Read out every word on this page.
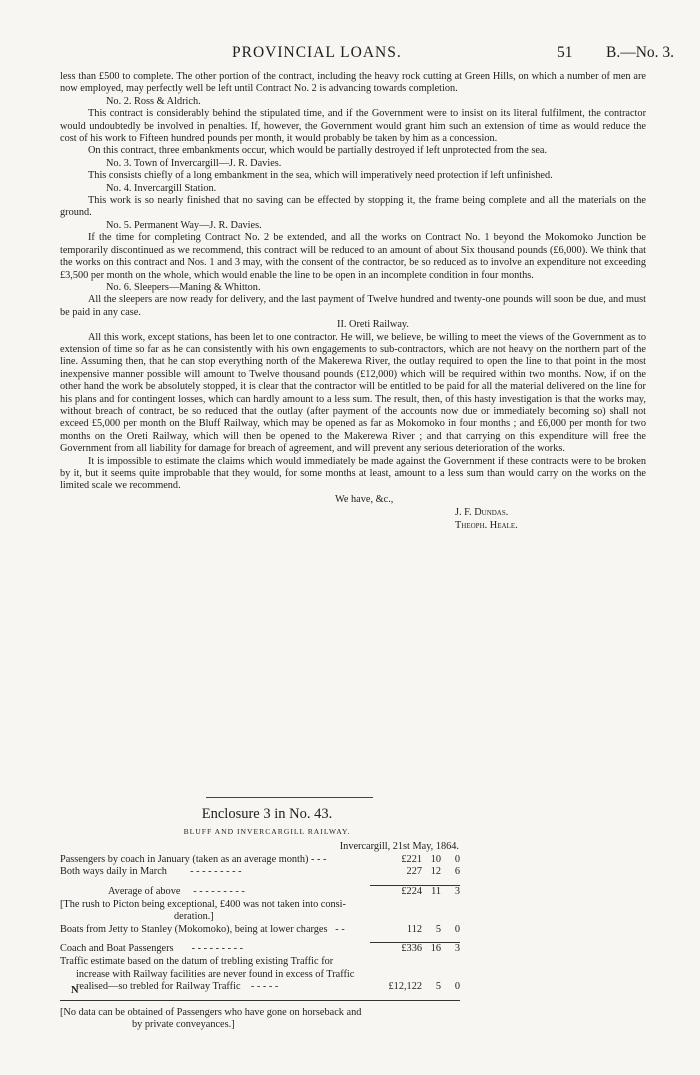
PROVINCIAL LOANS.	51 B.—No. 3.

less than £500 to complete. The other portion of the contract, including the heavy rock cutting at Green Hills, on which a number of men are now employed, may perfectly well be left until Contract No. 2 is advancing towards completion.

No. 2. Ross & Aldrich.

This contract is considerably behind the stipulated time, and if the Government were to insist on its literal fulfilment, the contractor would undoubtedly be involved in penalties. If, however, the Government would grant him such an extension of time as would reduce the cost of his work to Fifteen hundred pounds per month, it would probably be taken by him as a concession.

On this contract, three embankments occur, which would be partially destroyed if left unprotected from the sea.

No. 3. Town of Invercargill—J. R. Davies.

This consists chiefly of a long embankment in the sea, which will imperatively need protection if left unfinished.

No. 4. Invercargill Station.

This work is so nearly finished that no saving can be effected by stopping it, the frame being complete and all the materials on the ground.

No. 5. Permanent Way—J. R. Davies.

If the time for completing Contract No. 2 be extended, and all the works on Contract No. 1 beyond the Mokomoko Junction be temporarily discontinued as we recommend, this contract will be reduced to an amount of about Six thousand pounds (£6,000). We think that the works on this contract and Nos. 1 and 3 may, with the consent of the contractor, be so reduced as to involve an expenditure not exceeding £3,500 per month on the whole, which would enable the line to be open in an incomplete condition in four months.

No. 6. Sleepers—Maning & Whitton.

All the sleepers are now ready for delivery, and the last payment of Twelve hundred and twenty-one pounds will soon be due, and must be paid in any case.

II. Oreti Railway.

All this work, except stations, has been let to one contractor. He will, we believe, be willing to meet the views of the Government as to extension of time so far as he can consistently with his own engagements to sub-contractors, which are not heavy on the northern part of the line. Assuming then, that he can stop everything north of the Makerewa River, the outlay required to open the line to that point in the most inexpensive manner possible will amount to Twelve thousand pounds (£12,000) which will be required within two months. Now, if on the other hand the work be absolutely stopped, it is clear that the contractor will be entitled to be paid for all the material delivered on the line for his plans and for contingent losses, which can hardly amount to a less sum. The result, then, of this hasty investigation is that the works may, without breach of contract, be so reduced that the outlay (after payment of the accounts now due or immediately becoming so) shall not exceed £5,000 per month on the Bluff Railway, which may be opened as far as Mokomoko in four months ; and £6,000 per month for two months on the Oreti Railway, which will then be opened to the Makerewa River ; and that carrying on this expenditure will free the Government from all liability for damage for breach of agreement, and will prevent any serious deterioration of the works.

It is impossible to estimate the claims which would immediately be made against the Government if these contracts were to be broken by it, but it seems quite improbable that they would, for some months at least, amount to a less sum than would carry on the works on the limited scale we recommend.

We have, &c.,
J. F. Dundas.
Theoph. Heale.
Enclosure 3 in No. 43.
BLUFF AND INVERCARGILL RAILWAY.
Invercargill, 21st May, 1864.
Passengers by coach in January (taken as an average month) - - -	£221 10 0
Both ways daily in March - - - - - - - - -	227 12 6

Average of above - - - - - - - - -	£224 11 3
[The rush to Picton being exceptional, £400 was not taken into consi-	
deration.]	
Boats from Jetty to Stanley (Mokomoko), being at lower charges - -	112 5 0

Coach and Boat Passengers - - - - - - - - -	£336 16 3
Traffic estimate based on the datum of trebling existing Traffic for	
increase with Railway facilities are never found in excess of Traffic	
realised—so trebled for Railway Traffic - - - - -	£12,122 5 0
[No data can be obtained of Passengers who have gone on horseback and
by private conveyances.]
N
